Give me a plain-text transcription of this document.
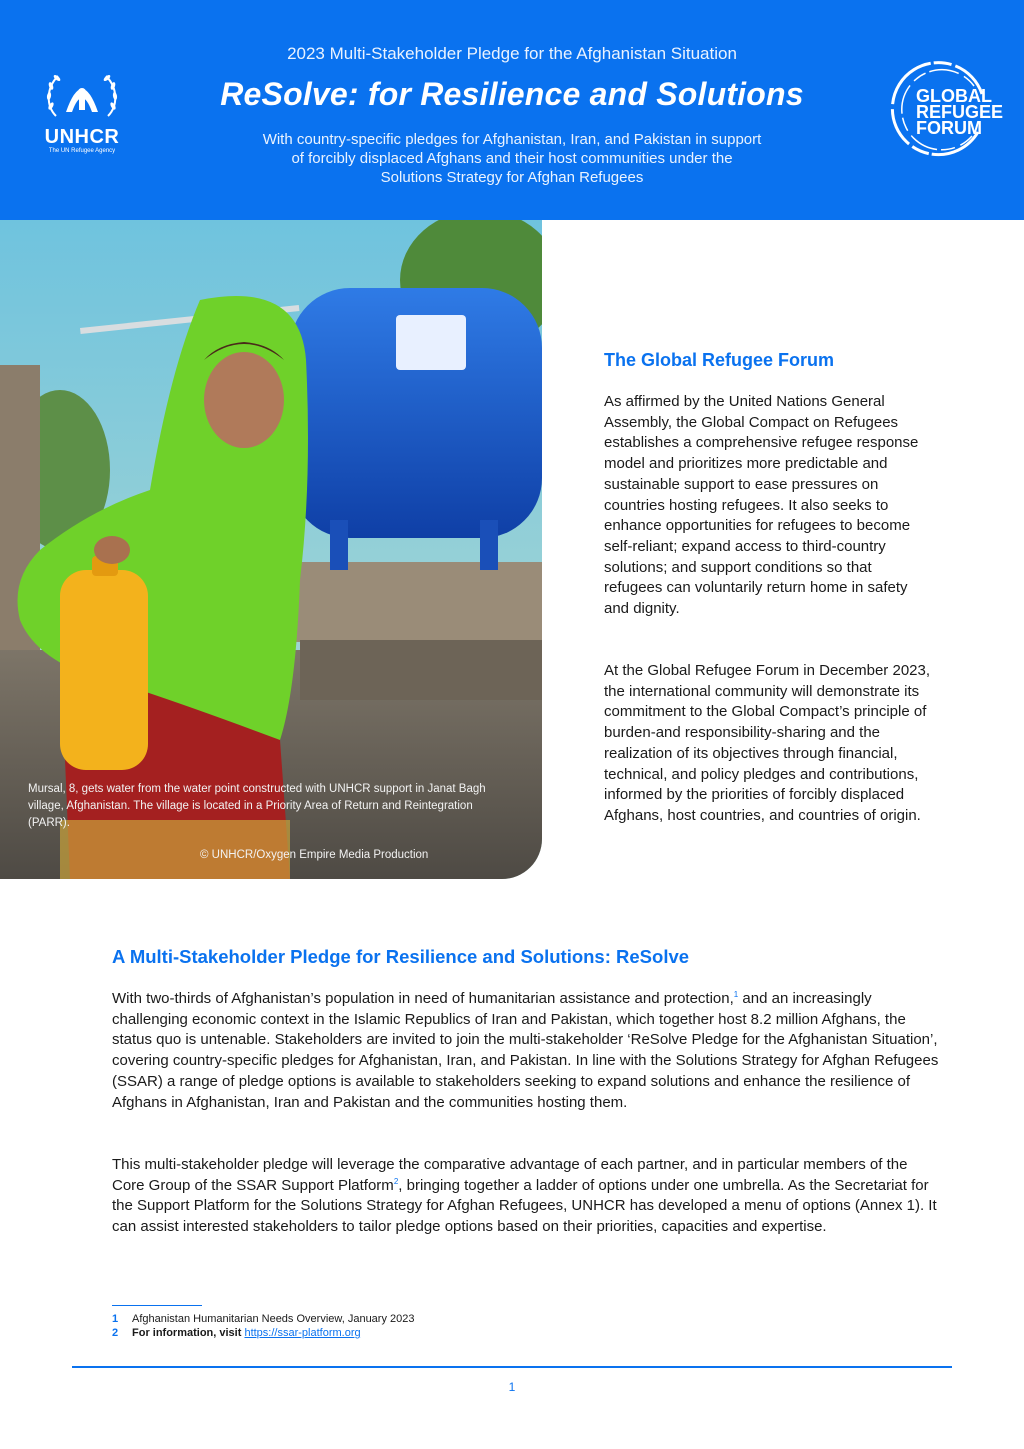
UNHCR
The UN Refugee Agency
2023 Multi-Stakeholder Pledge for the Afghanistan Situation
ReSolve: for Resilience and Solutions
With country-specific pledges for Afghanistan, Iran, and Pakistan in support of forcibly displaced Afghans and their host communities under the Solutions Strategy for Afghan Refugees
GLOBAL
REFUGEE
FORUM
Mursal, 8, gets water from the water point constructed with UNHCR support in Janat Bagh village, Afghanistan. The village is located in a Priority Area of Return and Reintegration (PARR).
© UNHCR/Oxygen Empire Media Production
The Global Refugee Forum
As affirmed by the United Nations General Assembly, the Global Compact on Refugees establishes a comprehensive refugee response model and prioritizes more predictable and sustainable support to ease pressures on countries hosting refugees. It also seeks to enhance opportunities for refugees to become self-reliant; expand access to third-country solutions; and support conditions so that refugees can voluntarily return home in safety and dignity.
At the Global Refugee Forum in December 2023, the international community will demonstrate its commitment to the Global Compact’s principle of burden-and responsibility-sharing and the realization of its objectives through financial, technical, and policy pledges and contributions, informed by the priorities of forcibly displaced Afghans, host countries, and countries of origin.
A Multi-Stakeholder Pledge for Resilience and Solutions: ReSolve
With two-thirds of Afghanistan’s population in need of humanitarian assistance and protection,$^1$ and an increasingly challenging economic context in the Islamic Republics of Iran and Pakistan, which together host 8.2 million Afghans, the status quo is untenable. Stakeholders are invited to join the multi-stakeholder ‘ReSolve Pledge for the Afghanistan Situation’, covering country-specific pledges for Afghanistan, Iran, and Pakistan. In line with the Solutions Strategy for Afghan Refugees (SSAR) a range of pledge options is available to stakeholders seeking to expand solutions and enhance the resilience of Afghans in Afghanistan, Iran and Pakistan and the communities hosting them.
This multi-stakeholder pledge will leverage the comparative advantage of each partner, and in particular members of the Core Group of the SSAR Support Platform$^2$, bringing together a ladder of options under one umbrella. As the Secretariat for the Support Platform for the Solutions Strategy for Afghan Refugees, UNHCR has developed a menu of options (Annex 1). It can assist interested stakeholders to tailor pledge options based on their priorities, capacities and expertise.
1 Afghanistan Humanitarian Needs Overview, January 2023
2 For information, visit https://ssar-platform.org
1
